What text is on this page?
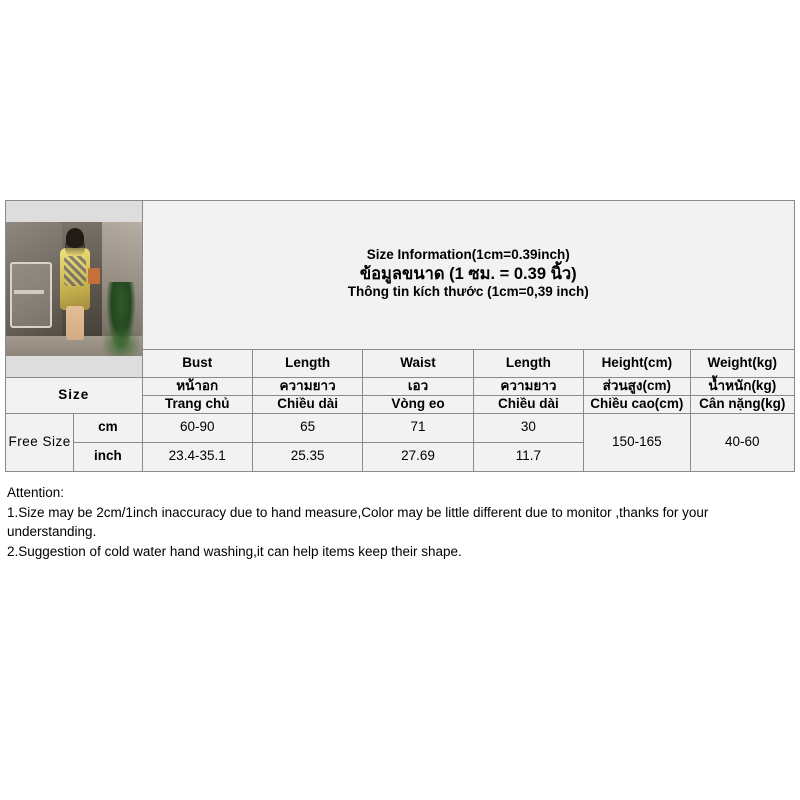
		Size Information(1cm=0.39inch)
ข้อมูลขนาด (1 ซม. = 0.39 นิ้ว)
Thông tin kích thước (1cm=0,39 inch)					

		Bust	Length	Waist	Length	Height(cm)	Weight(kg)
Size		หน้าอก	ความยาว	เอว	ความยาว	ส่วนสูง(cm)	น้ำหนัก(kg)
		Trang chủ	Chiều dài	Vòng eo	Chiều dài	Chiều cao(cm)	Cân nặng(kg)
Free Size	cm	60-90	65	71	30	150-165	40-60
	inch	23.4-35.1	25.35	27.69	11.7		

Attention:

1.Size may be 2cm/1inch inaccuracy due to hand measure,Color may be little different due to monitor ,thanks for your understanding.

2.Suggestion of cold water hand washing,it can help items keep their shape.
